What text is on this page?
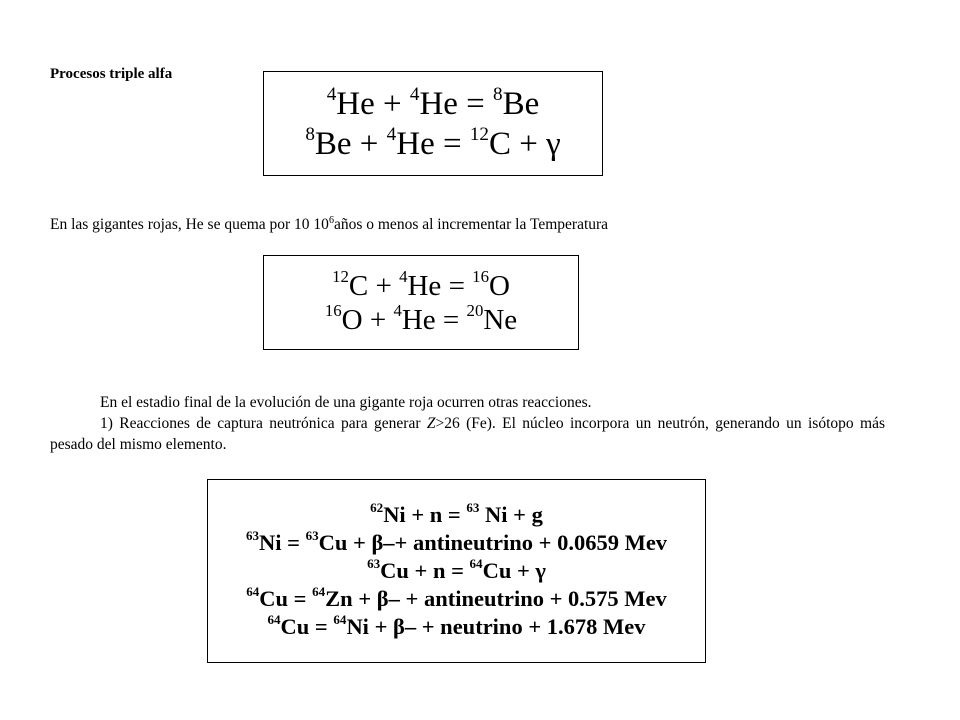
Procesos triple alfa
$^4$He + $^4$He = $^8$Be
$^8$Be + $^4$He = $^{12}$C + γ
En las gigantes rojas, He se quema por 10 $10^6años$ o menos al incrementar la Temperatura
$^{12}$C + $^4$He = $^{16}$O
$^{16}$O + $^4$He = $^{20}$Ne
En el estadio final de la evolución de una gigante roja ocurren otras reacciones.
1) Reacciones de captura neutrónica para generar Z>26 (Fe). El núcleo incorpora un neutrón, generando un isótopo más pesado del mismo elemento.
$^{62}$Ni + n = $^{63}$ Ni + g
$^{63}$Ni = $^{63}$Cu + β–+ antineutrino + 0.0659 Mev
$^{63}$Cu + n = $^{64}$Cu + γ
$^{64}$Cu = $^{64}$Zn + β– + antineutrino + 0.575 Mev
$^{64}$Cu = $^{64}$Ni + β– + neutrino + 1.678 Mev
